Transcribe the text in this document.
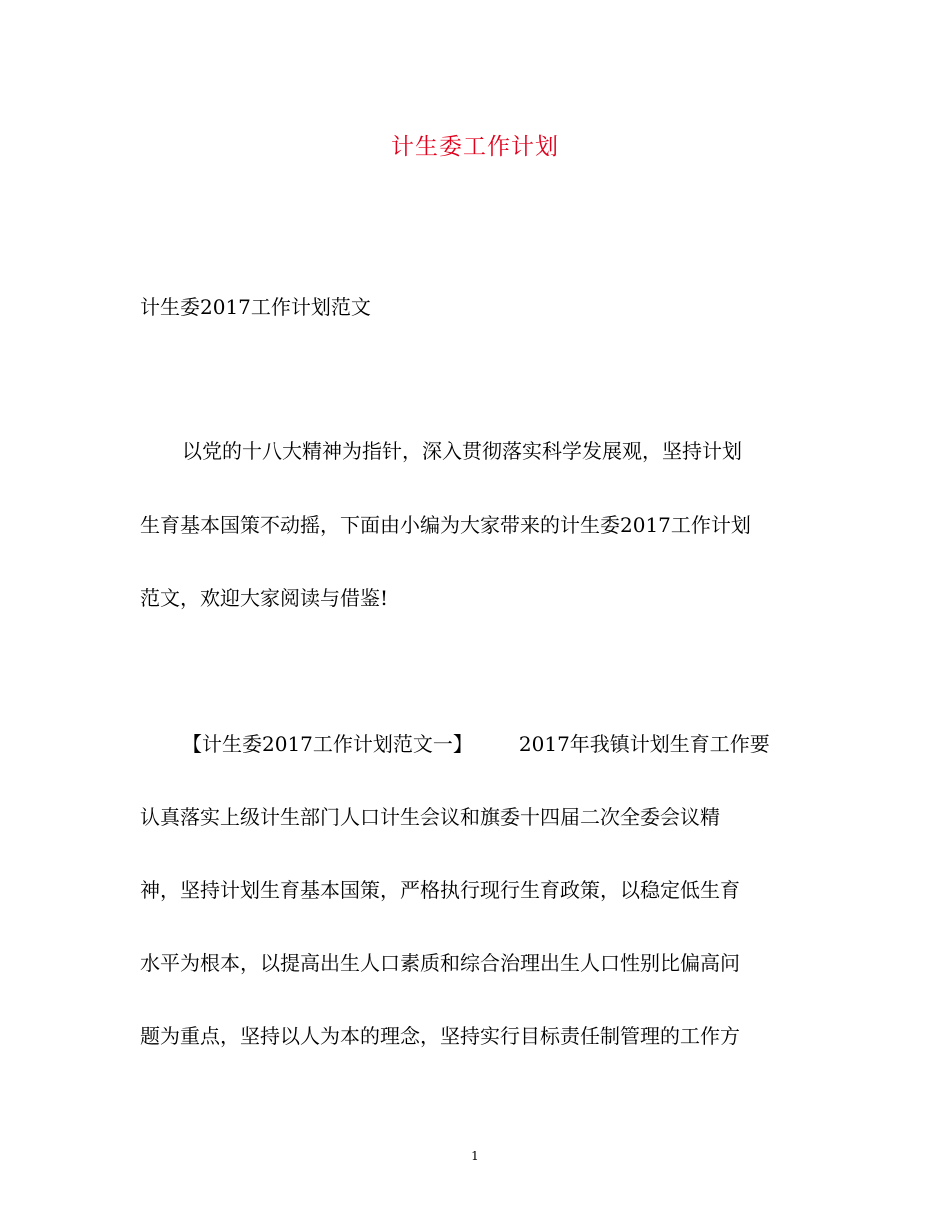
计生委工作计划
计生委2017工作计划范文
以党的十八大精神为指针，深入贯彻落实科学发展观，坚持计划
生育基本国策不动摇，下面由小编为大家带来的计生委2017工作计划
范文，欢迎大家阅读与借鉴!
【计生委2017工作计划范文一】 2017年我镇计划生育工作要
认真落实上级计生部门人口计生会议和旗委十四届二次全委会议精
神，坚持计划生育基本国策，严格执行现行生育政策，以稳定低生育
水平为根本，以提高出生人口素质和综合治理出生人口性别比偏高问
题为重点，坚持以人为本的理念，坚持实行目标责任制管理的工作方
1
